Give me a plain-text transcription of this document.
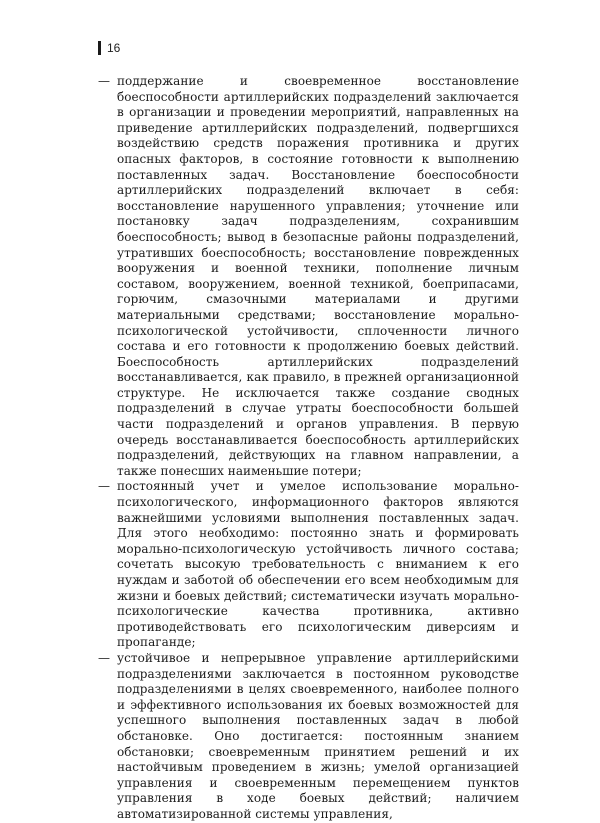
16
— поддержание и своевременное восстановление боеспособности артиллерийских подразделений заключается в организации и проведении мероприятий, направленных на приведение артиллерийских подразделений, подвергшихся воздействию средств поражения противника и других опасных факторов, в состояние готовности к выполнению поставленных задач. Восстановление боеспособности артиллерийских подразделений включает в себя: восстановление нарушенного управления; уточнение или постановку задач подразделениям, сохранившим боеспособность; вывод в безопасные районы подразделений, утративших боеспособность; восстановление поврежденных вооружения и военной техники, пополнение личным составом, вооружением, военной техникой, боеприпасами, горючим, смазочными материалами и другими материальными средствами; восстановление морально-психологической устойчивости, сплоченности личного состава и его готовности к продолжению боевых действий. Боеспособность артиллерийских подразделений восстанавливается, как правило, в прежней организационной структуре. Не исключается также создание сводных подразделений в случае утраты боеспособности большей части подразделений и органов управления. В первую очередь восстанавливается боеспособность артиллерийских подразделений, действующих на главном направлении, а также понесших наименьшие потери;

— постоянный учет и умелое использование морально-психологического, информационного факторов являются важнейшими условиями выполнения поставленных задач. Для этого необходимо: постоянно знать и формировать морально-психологическую устойчивость личного состава; сочетать высокую требовательность с вниманием к его нуждам и заботой об обеспечении его всем необходимым для жизни и боевых действий; систематически изучать морально-психологические качества противника, активно противодействовать его психологическим диверсиям и пропаганде;

— устойчивое и непрерывное управление артиллерийскими подразделениями заключается в постоянном руководстве подразделениями в целях своевременного, наиболее полного и эффективного использования их боевых возможностей для успешного выполнения поставленных задач в любой обстановке. Оно достигается: постоянным знанием обстановки; своевременным принятием решений и их настойчивым проведением в жизнь; умелой организацией управления и своевременным перемещением пунктов управления в ходе боевых действий; наличием автоматизированной системы управления,
